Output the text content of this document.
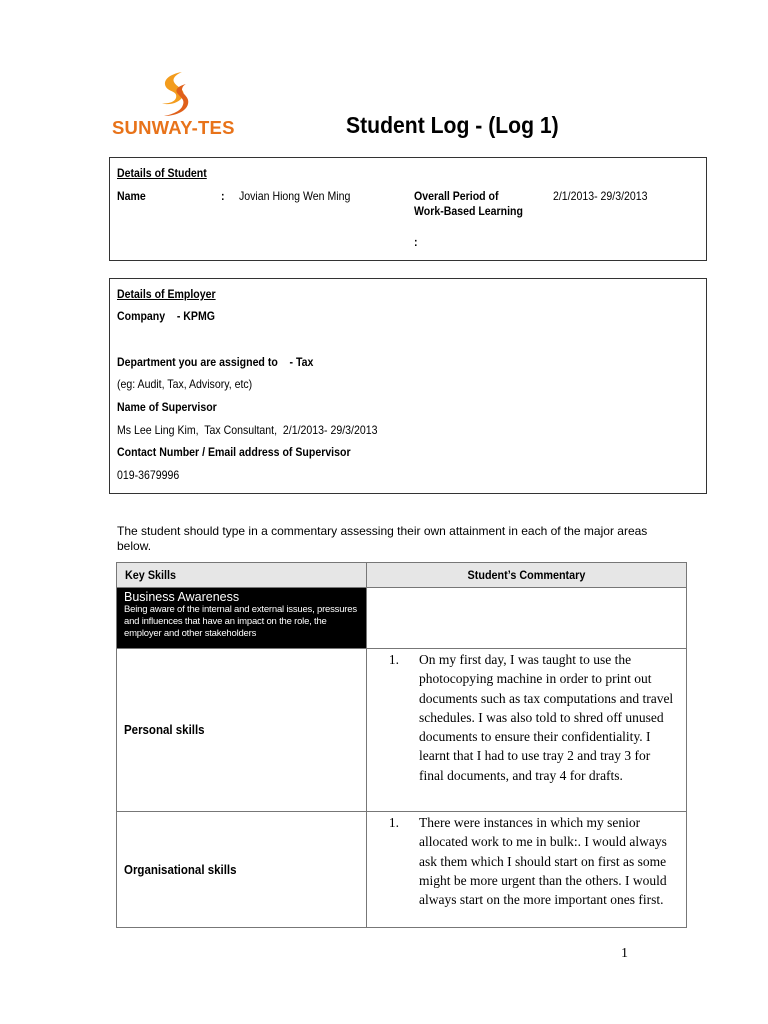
SUNWAY-TES	Student Log - (Log 1)
Details of Student
Name	: Jovian Hiong Wen Ming	Overall Period of
Work-Based Learning
2/1/2013- 29/3/2013
:
Details of Employer
Company    - KPMG
Department you are assigned to    - Tax
(eg: Audit, Tax, Advisory, etc)
Name of Supervisor
Ms Lee Ling Kim,  Tax Consultant,  2/1/2013- 29/3/2013
Contact Number / Email address of Supervisor
019-3679996
The student should type in a commentary assessing their own attainment in each of the major areas below.
Key Skills	Student’s Commentary

Business Awareness
Being aware of the internal and external issues, pressures and influences that have an impact on the role, the employer and other stakeholders	

Personal skills	1. On my first day, I was taught to use the photocopying machine in order to print out documents such as tax computations and travel schedules. I was also told to shred off unused documents to ensure their confidentiality. I learnt that I had to use tray 2 and tray 3 for final documents, and tray 4 for drafts.

Organisational skills	1. There were instances in which my senior allocated work to me in bulk:. I would always ask them which I should start on first as some might be more urgent than the others. I would always start on the more important ones first.
1
